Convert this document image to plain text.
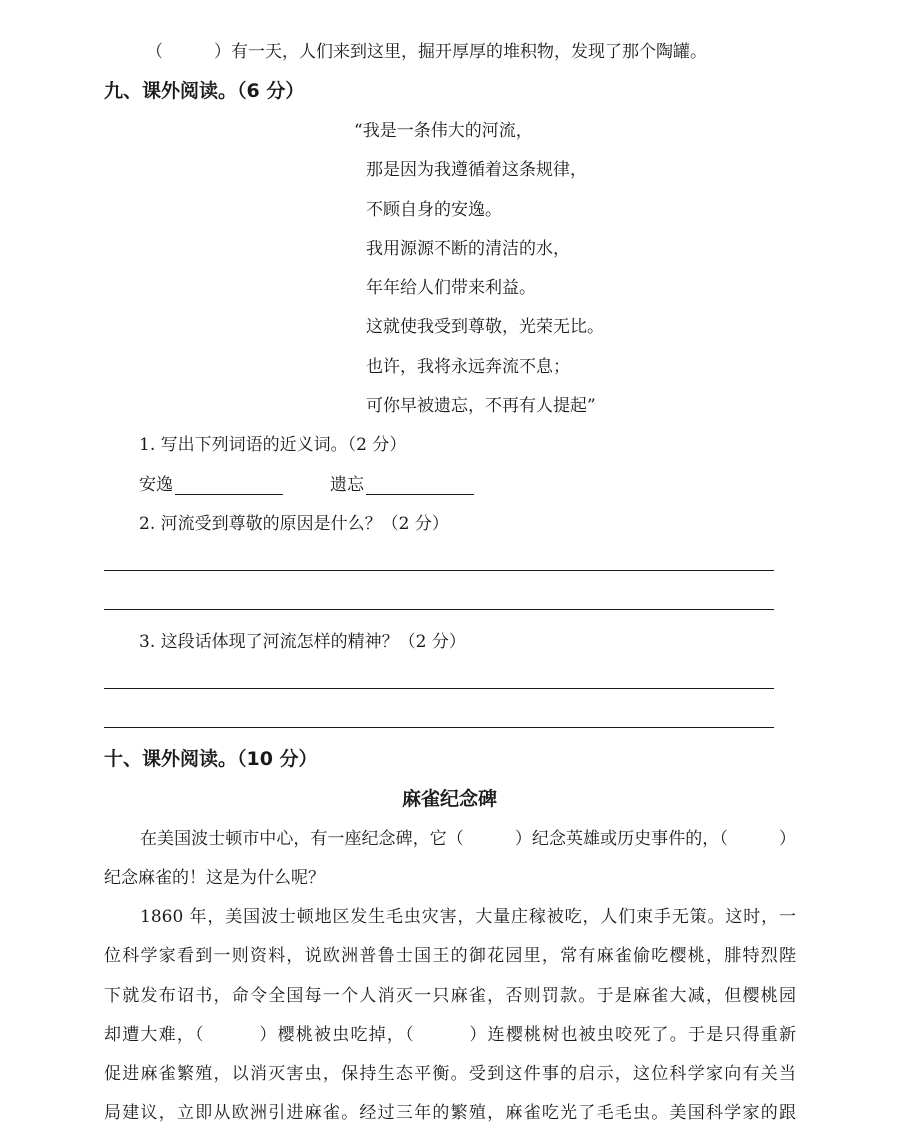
（　　　）有一天，人们来到这里，掘开厚厚的堆积物，发现了那个陶罐。
九、课外阅读。（6 分）
“我是一条伟大的河流，
那是因为我遵循着这条规律，
不顾自身的安逸。
我用源源不断的清洁的水，
年年给人们带来利益。
这就使我受到尊敬，光荣无比。
也许，我将永远奔流不息；
可你早被遗忘，不再有人提起”
1. 写出下列词语的近义词。（2 分）
安逸	遗忘
2. 河流受到尊敬的原因是什么？（2 分）
3. 这段话体现了河流怎样的精神？（2 分）
十、课外阅读。（10 分）
麻雀纪念碑
在美国波士顿市中心，有一座纪念碑，它（　　　）纪念英雄或历史事件的，（　　　）
纪念麻雀的！这是为什么呢？
1860 年，美国波士顿地区发生毛虫灾害，大量庄稼被吃，人们束手无策。这时，一
位科学家看到一则资料，说欧洲普鲁士国王的御花园里，常有麻雀偷吃樱桃，腓特烈陛
下就发布诏书，命令全国每一个人消灭一只麻雀，否则罚款。于是麻雀大减，但樱桃园
却遭大难，（　　　）樱桃被虫吃掉，（　　　）连樱桃树也被虫咬死了。于是只得重新
促进麻雀繁殖，以消灭害虫，保持生态平衡。受到这件事的启示，这位科学家向有关当
局建议，立即从欧洲引进麻雀。经过三年的繁殖，麻雀吃光了毛毛虫。美国科学家的跟
